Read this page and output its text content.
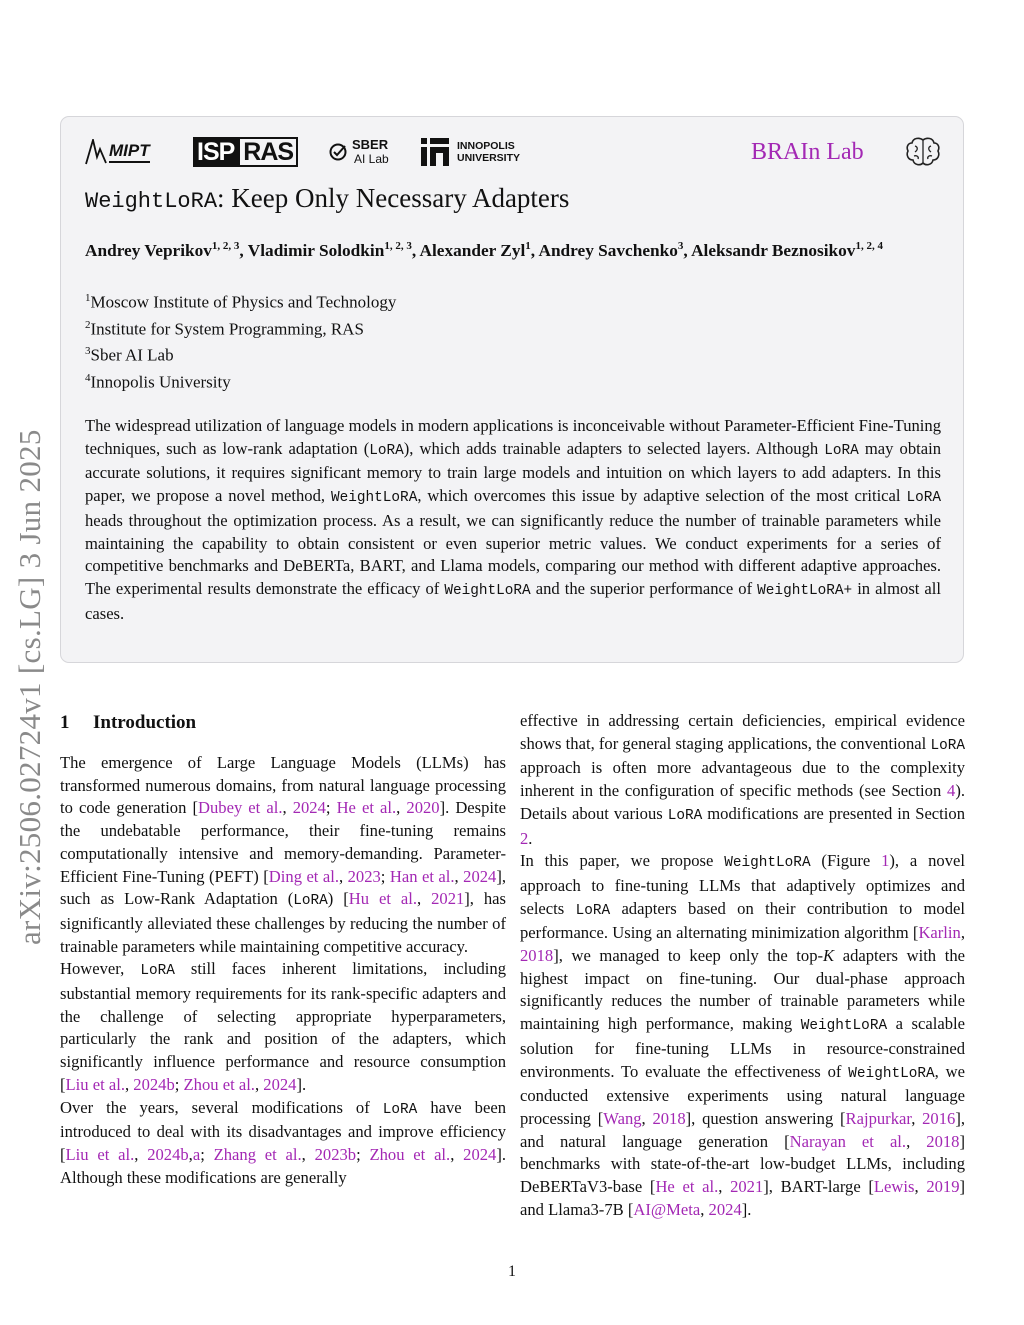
arXiv:2506.02724v1 [cs.LG] 3 Jun 2025
MIPT ISP RAS	SBER
AI Lab
INNOPOLIS
UNIVERSITY	BRAIn Lab
WeightLoRA: Keep Only Necessary Adapters
Andrey Veprikov$^{1, 2, 3}$, Vladimir Solodkin$^{1, 2, 3}$, Alexander Zyl$^1$, Andrey Savchenko$^3$, Aleksandr Beznosikov$^{1, 2, 4}$
$^1$Moscow Institute of Physics and Technology
$^2$Institute for System Programming, RAS
$^3$Sber AI Lab
$^4$Innopolis University
The widespread utilization of language models in modern applications is inconceivable without Parameter-Efficient Fine-Tuning techniques, such as low-rank adaptation (LoRA), which adds trainable adapters to selected layers. Although LoRA may obtain accurate solutions, it requires significant memory to train large models and intuition on which layers to add adapters. In this paper, we propose a novel method, WeightLoRA, which overcomes this issue by adaptive selection of the most critical LoRA heads throughout the optimization process. As a result, we can significantly reduce the number of trainable parameters while maintaining the capability to obtain consistent or even superior metric values. We conduct experiments for a series of competitive benchmarks and DeBERTa, BART, and Llama models, comparing our method with different adaptive approaches. The experimental results demonstrate the efficacy of WeightLoRA and the superior performance of WeightLoRA+ in almost all cases.
1 Introduction

The emergence of Large Language Models (LLMs) has transformed numerous domains, from natural language processing to code generation [Dubey et al., 2024; He et al., 2020]. Despite the undebatable performance, their fine-tuning remains computationally intensive and memory-demanding. Parameter-Efficient Fine-Tuning (PEFT) [Ding et al., 2023; Han et al., 2024], such as Low-Rank Adaptation (LoRA) [Hu et al., 2021], has significantly alleviated these challenges by reducing the number of trainable parameters while maintaining competitive accuracy.

However, LoRA still faces inherent limitations, including substantial memory requirements for its rank-specific adapters and the challenge of selecting appropriate hyperparameters, particularly the rank and position of the adapters, which significantly influence performance and resource consumption [Liu et al., 2024b; Zhou et al., 2024].

Over the years, several modifications of LoRA have been introduced to deal with its disadvantages and improve efficiency [Liu et al., 2024b,a; Zhang et al., 2023b; Zhou et al., 2024]. Although these modifications are generally

effective in addressing certain deficiencies, empirical evidence shows that, for general staging applications, the conventional LoRA approach is often more advantageous due to the complexity inherent in the configuration of specific methods (see Section 4). Details about various LoRA modifications are presented in Section 2.

In this paper, we propose WeightLoRA (Figure 1), a novel approach to fine-tuning LLMs that adaptively optimizes and selects LoRA adapters based on their contribution to model performance. Using an alternating minimization algorithm [Karlin, 2018], we managed to keep only the top-K adapters with the highest impact on fine-tuning. Our dual-phase approach significantly reduces the number of trainable parameters while maintaining high performance, making WeightLoRA a scalable solution for fine-tuning LLMs in resource-constrained environments. To evaluate the effectiveness of WeightLoRA, we conducted extensive experiments using natural language processing [Wang, 2018], question answering [Rajpurkar, 2016], and natural language generation [Narayan et al., 2018] benchmarks with state-of-the-art low-budget LLMs, including DeBERTaV3-base [He et al., 2021], BART-large [Lewis, 2019] and Llama3-7B [AI@Meta, 2024].

1
